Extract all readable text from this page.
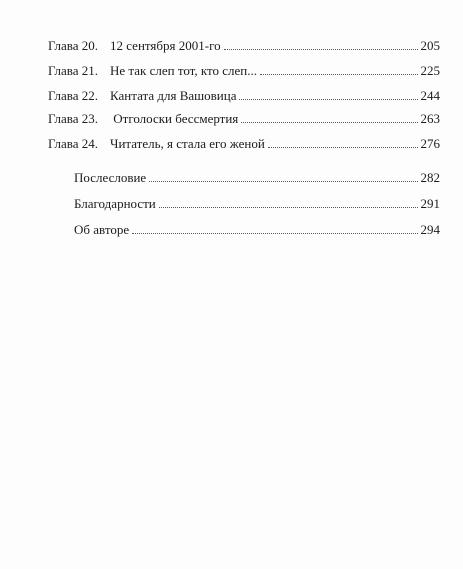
Глава 20. 12 сентября 2001-го	205
Глава 21. Не так слеп тот, кто слеп...	225
Глава 22. Кантата для Вашовица	244
Глава 23. Отголоски бессмертия	263
Глава 24. Читатель, я стала его женой	276
Послесловие	282
Благодарности	291
Об авторе	294
